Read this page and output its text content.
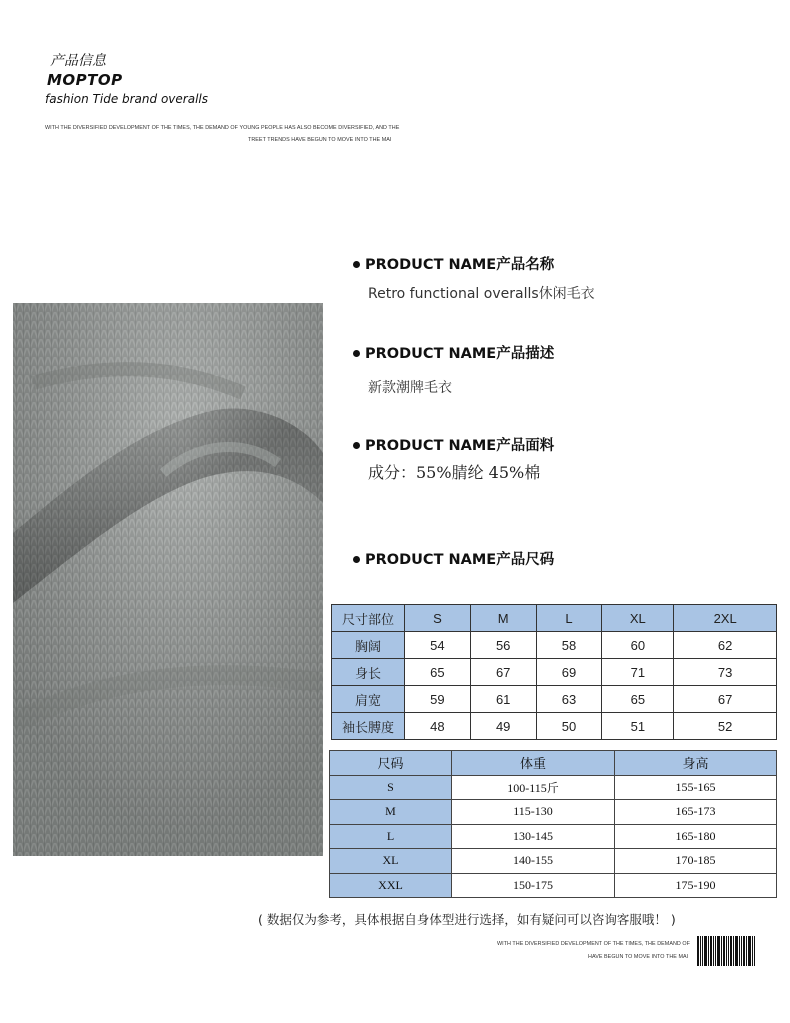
产品信息
MOPTOP
fashion Tide brand overalls
WITH THE DIVERSIFIED DEVELOPMENT OF THE TIMES, THE DEMAND OF YOUNG PEOPLE HAS ALSO BECOME DIVERSIFIED, AND THE
TREET TRENDS HAVE BEGUN TO MOVE INTO THE MAI
PRODUCT NAME产品名称
Retro functional overalls休闲毛衣
PRODUCT NAME产品描述
新款潮牌毛衣
PRODUCT NAME产品面料
成分：55%腈纶 45%棉
PRODUCT NAME产品尺码
尺寸部位	S	M	L	XL	2XL
胸阔	54	56	58	60	62
身长	65	67	69	71	73
肩宽	59	61	63	65	67
袖长膊度	48	49	50	51	52
尺码	体重	身高
S	100-115斤	155-165
M	115-130	165-173
L	130-145	165-180
XL	140-155	170-185
XXL	150-175	175-190
( 数据仅为参考，具体根据自身体型进行选择，如有疑问可以咨询客服哦！ )
WITH THE DIVERSIFIED DEVELOPMENT OF THE TIMES, THE DEMAND OF
HAVE BEGUN TO MOVE INTO THE MAI
